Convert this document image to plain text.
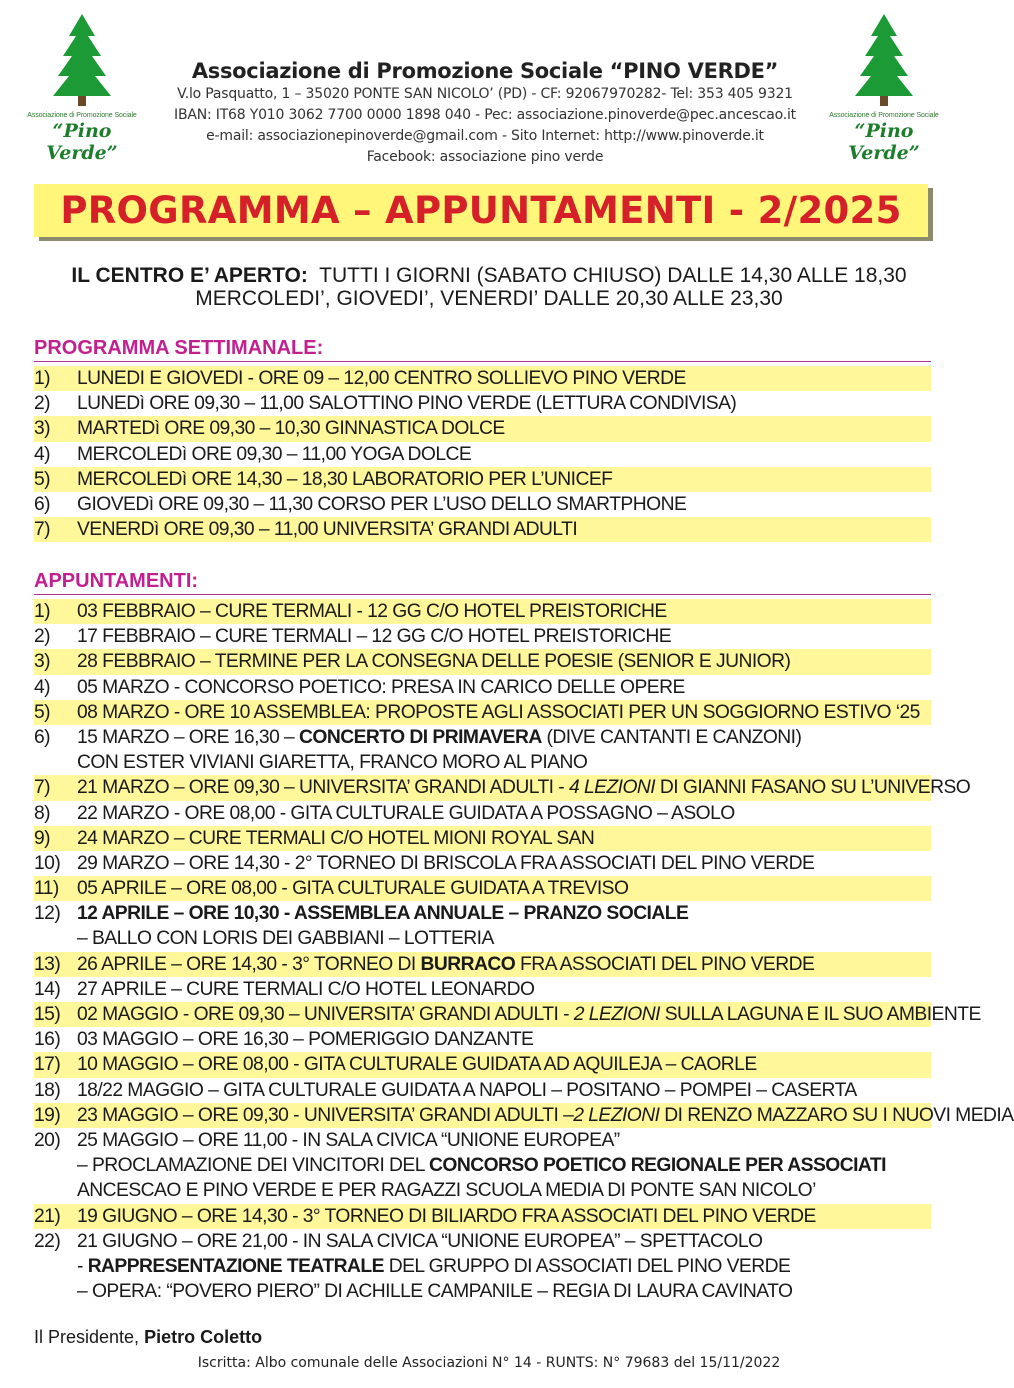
Associazione di Promozione Sociale
“Pino Verde”
Associazione di Promozione Sociale
“Pino Verde”
Associazione di Promozione Sociale “PINO VERDE”
V.lo Pasquatto, 1 – 35020 PONTE SAN NICOLO’ (PD) - CF: 92067970282- Tel: 353 405 9321
IBAN: IT68 Y010 3062 7700 0000 1898 040 - Pec: associazione.pinoverde@pec.ancescao.it
e-mail: associazionepinoverde@gmail.com - Sito Internet: http://www.pinoverde.it
Facebook: associazione pino verde
PROGRAMMA – APPUNTAMENTI - 2/2025
IL CENTRO E’ APERTO: TUTTI I GIORNI (SABATO CHIUSO) DALLE 14,30 ALLE 18,30
MERCOLEDI’, GIOVEDI’, VENERDI’ DALLE 20,30 ALLE 23,30
PROGRAMMA SETTIMANALE:
1)	LUNEDI E GIOVEDI - ORE 09 – 12,00 CENTRO SOLLIEVO PINO VERDE
2)	LUNEDì ORE 09,30 – 11,00 SALOTTINO PINO VERDE (LETTURA CONDIVISA)
3)	MARTEDì ORE 09,30 – 10,30 GINNASTICA DOLCE
4)	MERCOLEDì ORE 09,30 – 11,00 YOGA DOLCE
5)	MERCOLEDì ORE 14,30 – 18,30 LABORATORIO PER L’UNICEF
6)	GIOVEDì ORE 09,30 – 11,30 CORSO PER L’USO DELLO SMARTPHONE
7)	VENERDì ORE 09,30 – 11,00 UNIVERSITA’ GRANDI ADULTI
APPUNTAMENTI:
1)	03 FEBBRAIO – CURE TERMALI - 12 GG C/O HOTEL PREISTORICHE
2)	17 FEBBRAIO – CURE TERMALI – 12 GG C/O HOTEL PREISTORICHE
3)	28 FEBBRAIO – TERMINE PER LA CONSEGNA DELLE POESIE (SENIOR E JUNIOR)
4)	05 MARZO - CONCORSO POETICO: PRESA IN CARICO DELLE OPERE
5)	08 MARZO - ORE 10 ASSEMBLEA: PROPOSTE AGLI ASSOCIATI PER UN SOGGIORNO ESTIVO ‘25
6)	15 MARZO – ORE 16,30 – CONCERTO DI PRIMAVERA (DIVE CANTANTI E CANZONI)
CON ESTER VIVIANI GIARETTA, FRANCO MORO AL PIANO
7)	21 MARZO – ORE 09,30 – UNIVERSITA’ GRANDI ADULTI - 4 LEZIONI DI GIANNI FASANO SU L’UNIVERSO
8)	22 MARZO - ORE 08,00 - GITA CULTURALE GUIDATA A POSSAGNO – ASOLO
9)	24 MARZO – CURE TERMALI C/O HOTEL MIONI ROYAL SAN
10) 29 MARZO – ORE 14,30 - 2° TORNEO DI BRISCOLA FRA ASSOCIATI DEL PINO VERDE
11) 05 APRILE – ORE 08,00 - GITA CULTURALE GUIDATA A TREVISO
12) 12 APRILE – ORE 10,30 - ASSEMBLEA ANNUALE – PRANZO SOCIALE
– BALLO CON LORIS DEI GABBIANI – LOTTERIA
13) 26 APRILE – ORE 14,30 - 3° TORNEO DI BURRACO FRA ASSOCIATI DEL PINO VERDE
14) 27 APRILE – CURE TERMALI C/O HOTEL LEONARDO
15) 02 MAGGIO - ORE 09,30 – UNIVERSITA’ GRANDI ADULTI - 2 LEZIONI SULLA LAGUNA E IL SUO AMBIENTE
16) 03 MAGGIO – ORE 16,30 – POMERIGGIO DANZANTE
17) 10 MAGGIO – ORE 08,00 - GITA CULTURALE GUIDATA AD AQUILEJA – CAORLE
18) 18/22 MAGGIO – GITA CULTURALE GUIDATA A NAPOLI – POSITANO – POMPEI – CASERTA
19) 23 MAGGIO – ORE 09,30 - UNIVERSITA’ GRANDI ADULTI –2 LEZIONI DI RENZO MAZZARO SU I NUOVI MEDIA
20) 25 MAGGIO – ORE 11,00 - IN SALA CIVICA “UNIONE EUROPEA”
– PROCLAMAZIONE DEI VINCITORI DEL CONCORSO POETICO REGIONALE PER ASSOCIATI
ANCESCAO E PINO VERDE E PER RAGAZZI SCUOLA MEDIA DI PONTE SAN NICOLO’
21) 19 GIUGNO – ORE 14,30 - 3° TORNEO DI BILIARDO FRA ASSOCIATI DEL PINO VERDE
22) 21 GIUGNO – ORE 21,00 - IN SALA CIVICA “UNIONE EUROPEA” – SPETTACOLO
- RAPPRESENTAZIONE TEATRALE DEL GRUPPO DI ASSOCIATI DEL PINO VERDE
– OPERA: “POVERO PIERO” DI ACHILLE CAMPANILE – REGIA DI LAURA CAVINATO
Il Presidente, Pietro Coletto
Iscritta: Albo comunale delle Associazioni N° 14 - RUNTS: N° 79683 del 15/11/2022
